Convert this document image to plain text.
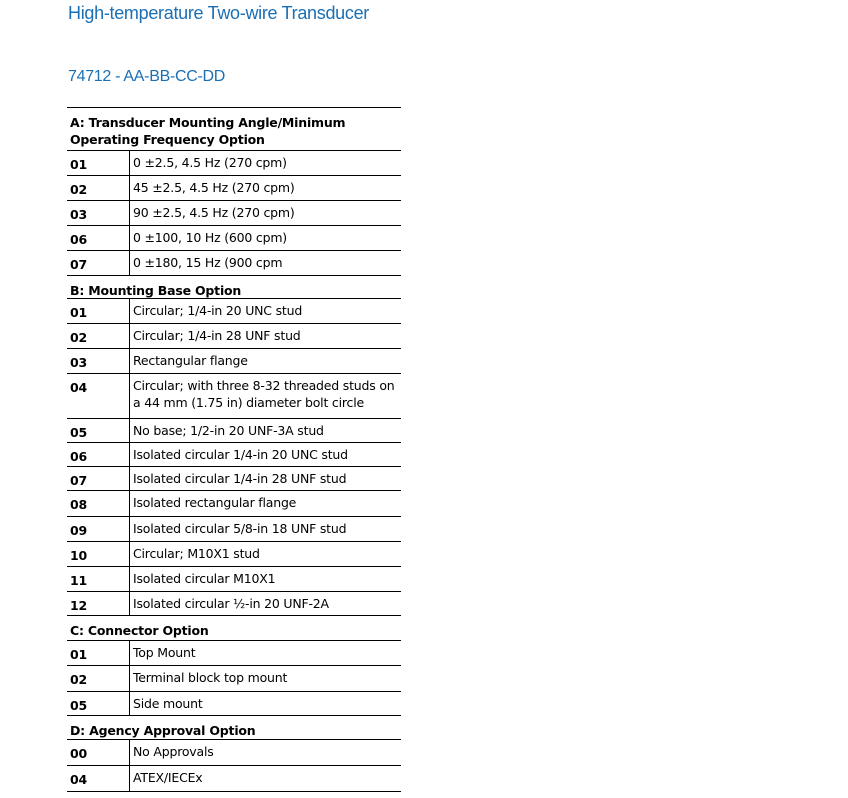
High-temperature Two-wire Transducer
74712 - AA-BB-CC-DD
A: Transducer Mounting Angle/Minimum Operating Frequency Option
01	0 ±2.5, 4.5 Hz (270 cpm)
02	45 ±2.5, 4.5 Hz (270 cpm)
03	90 ±2.5, 4.5 Hz (270 cpm)
06	0 ±100, 10 Hz (600 cpm)
07	0 ±180, 15 Hz (900 cpm
B: Mounting Base Option
01	Circular; 1/4-in 20 UNC stud
02	Circular; 1/4-in 28 UNF stud
03	Rectangular flange
04	Circular; with three 8-32 threaded studs on a 44 mm (1.75 in) diameter bolt circle
05	No base; 1/2-in 20 UNF-3A stud
06	Isolated circular 1/4-in 20 UNC stud
07	Isolated circular 1/4-in 28 UNF stud
08	Isolated rectangular flange
09	Isolated circular 5/8-in 18 UNF stud
10	Circular; M10X1 stud
11	Isolated circular M10X1
12	Isolated circular ½-in 20 UNF-2A
C: Connector Option
01	Top Mount
02	Terminal block top mount
05	Side mount
D: Agency Approval Option
00	No Approvals
04	ATEX/IECEx
